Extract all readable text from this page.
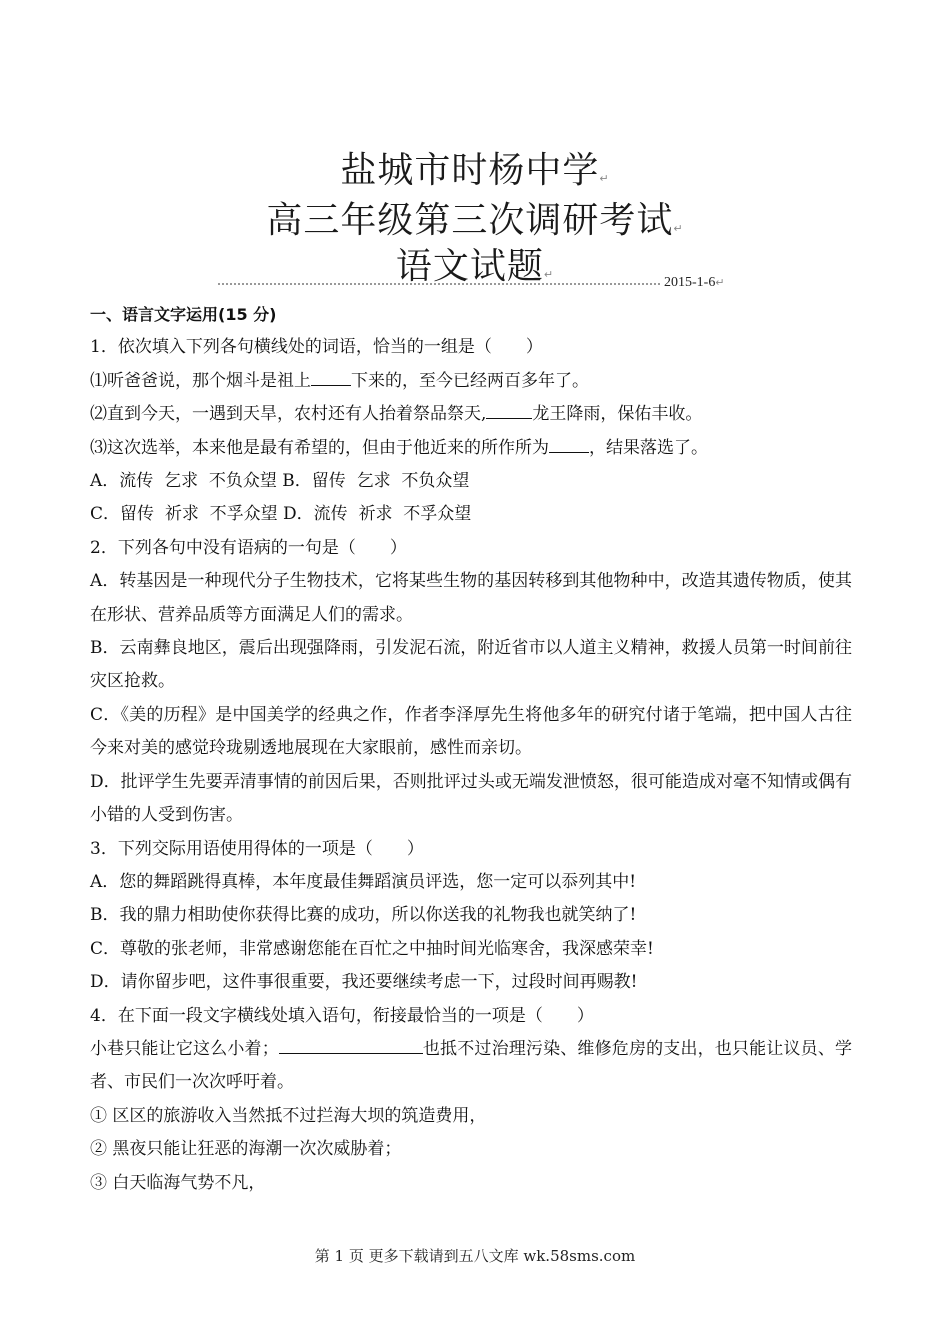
盐城市时杨中学↵
高三年级第三次调研考试↵
语文试题↵
2015-1-6↵

一、语言文字运用(15 分)

1．依次填入下列各句横线处的词语，恰当的一组是（　　）

⑴听爸爸说，那个烟斗是祖上 下来的，至今已经两百多年了。

⑵直到今天，一遇到天旱，农村还有人抬着祭品祭天,	龙王降雨，保佑丰收。

⑶这次选举，本来他是最有希望的，但由于他近来的所作所为 ，结果落选了。

A．流传  乞求  不负众望 B．留传  乞求  不负众望

C．留传  祈求  不孚众望 D．流传  祈求  不孚众望

2．下列各句中没有语病的一句是（　　）

A．转基因是一种现代分子生物技术，它将某些生物的基因转移到其他物种中，改造其遗传物质，使其在形状、营养品质等方面满足人们的需求。

B．云南彝良地区，震后出现强降雨，引发泥石流，附近省市以人道主义精神，救援人员第一时间前往灾区抢救。

C．《美的历程》是中国美学的经典之作，作者李泽厚先生将他多年的研究付诸于笔端，把中国人古往今来对美的感觉玲珑剔透地展现在大家眼前，感性而亲切。

D．批评学生先要弄清事情的前因后果，否则批评过头或无端发泄愤怒，很可能造成对毫不知情或偶有小错的人受到伤害。

3．下列交际用语使用得体的一项是（　　）

A．您的舞蹈跳得真棒，本年度最佳舞蹈演员评选，您一定可以忝列其中!

B．我的鼎力相助使你获得比赛的成功，所以你送我的礼物我也就笑纳了!

C．尊敬的张老师，非常感谢您能在百忙之中抽时间光临寒舍，我深感荣幸!

D．请你留步吧，这件事很重要，我还要继续考虑一下，过段时间再赐教!

4．在下面一段文字横线处填入语句，衔接最恰当的一项是（　　）

小巷只能让它这么小着；	也抵不过治理污染、维修危房的支出，也只能让议员、学者、市民们一次次呼吁着。

① 区区的旅游收入当然抵不过拦海大坝的筑造费用，

② 黑夜只能让狂恶的海潮一次次威胁着；

③ 白天临海气势不凡，

第 1 页 更多下载请到五八文库 wk.58sms.com
